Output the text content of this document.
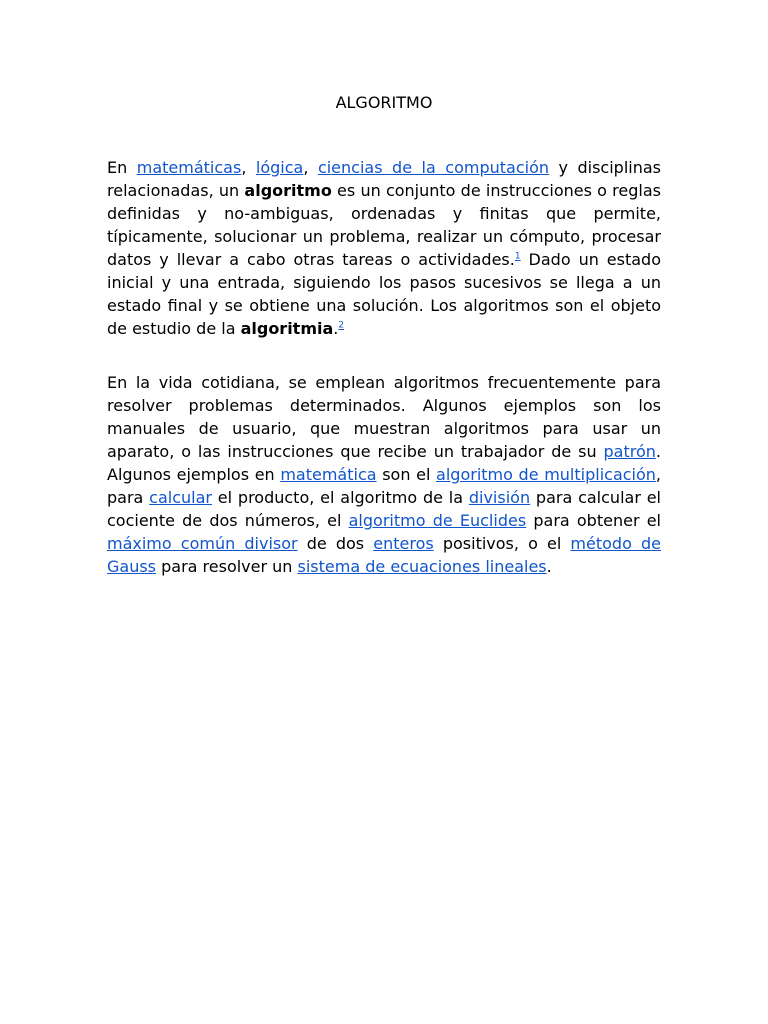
ALGORITMO

En matemáticas, lógica, ciencias de la computación y disciplinas relacionadas, un algoritmo es un conjunto de instrucciones o reglas definidas y no-ambiguas, ordenadas y finitas que permite, típicamente, solucionar un problema, realizar un cómputo, procesar datos y llevar a cabo otras tareas o actividades.$^1$ Dado un estado inicial y una entrada, siguiendo los pasos sucesivos se llega a un estado final y se obtiene una solución. Los algoritmos son el objeto de estudio de la algoritmia.$^2$

En la vida cotidiana, se emplean algoritmos frecuentemente para resolver problemas determinados. Algunos ejemplos son los manuales de usuario, que muestran algoritmos para usar un aparato, o las instrucciones que recibe un trabajador de su patrón. Algunos ejemplos en matemática son el algoritmo de multiplicación, para calcular el producto, el algoritmo de la división para calcular el cociente de dos números, el algoritmo de Euclides para obtener el máximo común divisor de dos enteros positivos, o el método de Gauss para resolver un sistema de ecuaciones lineales.
